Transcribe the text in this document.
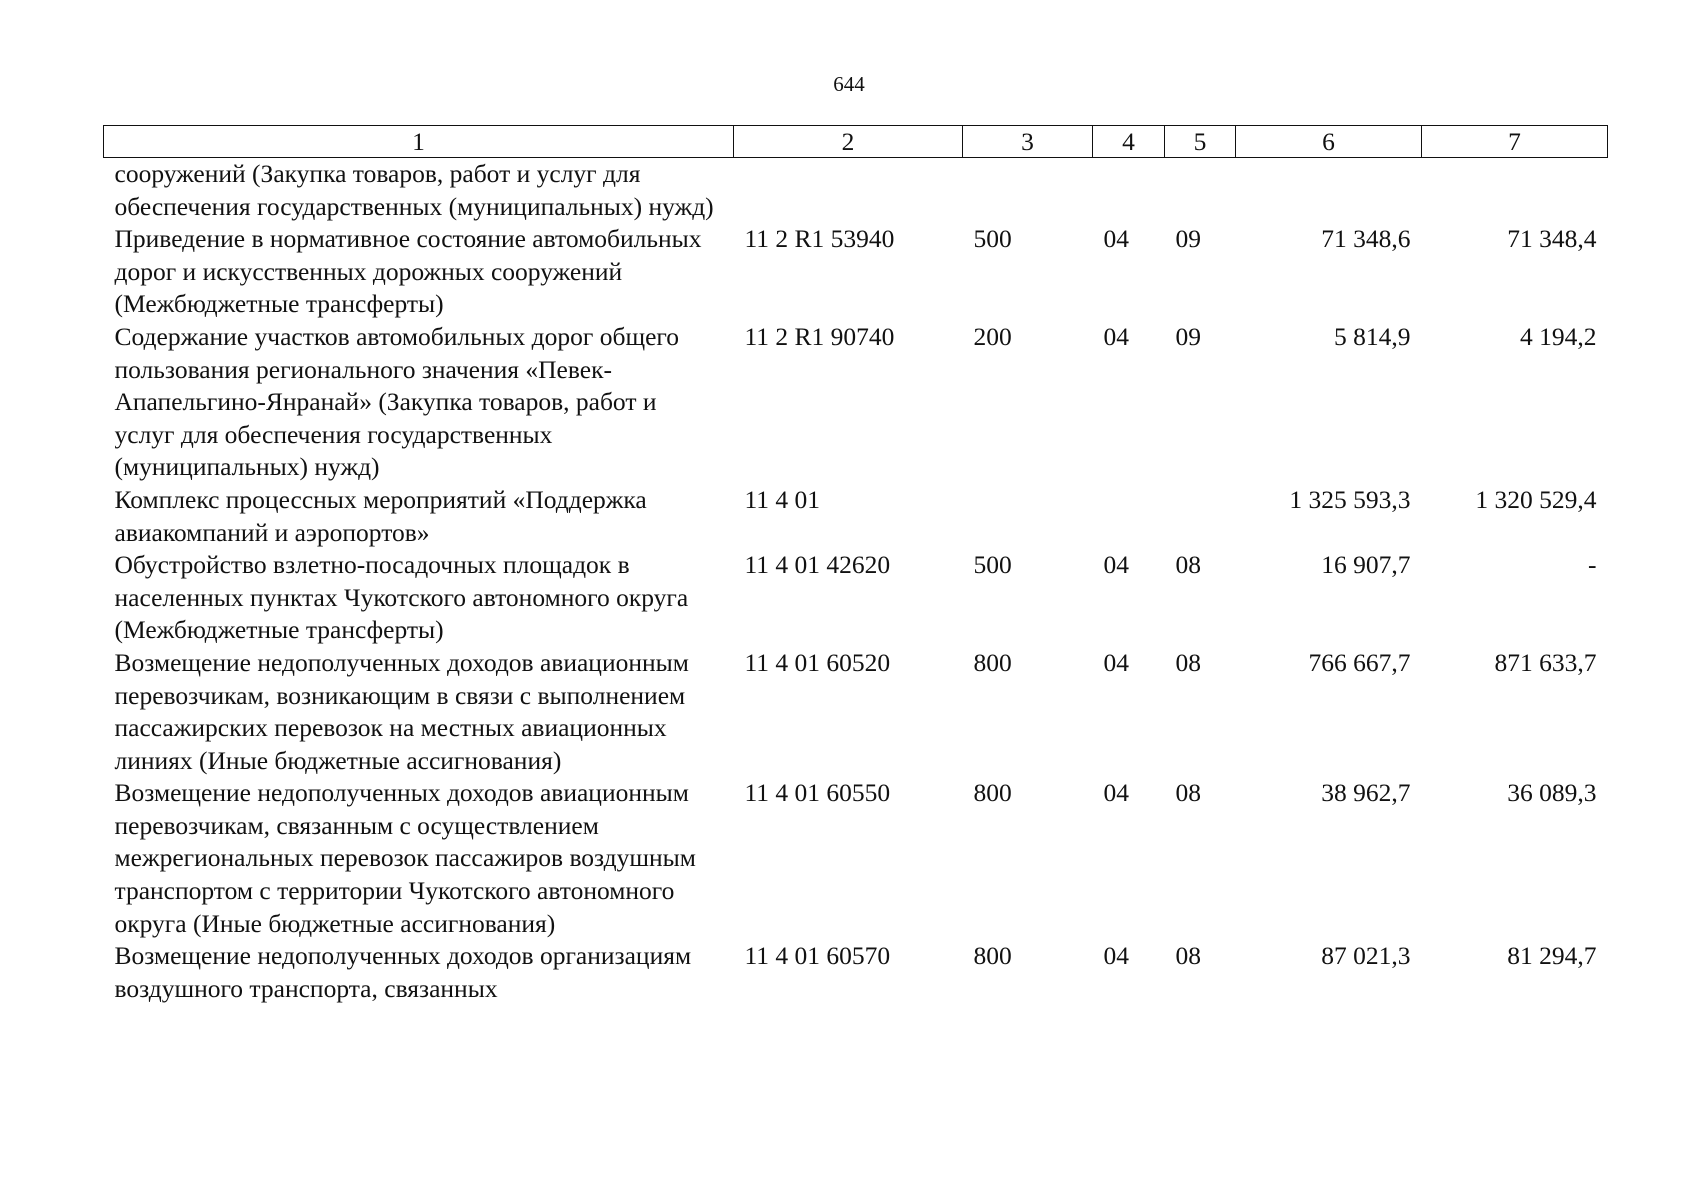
644
1	2	3	4	5	6	7
сооружений (Закупка товаров, работ и услуг для обеспечения государственных (муниципальных) нужд)						
Приведение в нормативное состояние автомобильных дорог и искусственных дорожных сооружений (Межбюджетные трансферты)	11 2 R1 53940	500	04	09	71 348,6	71 348,4
Содержание участков автомобильных дорог общего пользования регионального значения «Певек-Апапельгино-Янранай» (Закупка товаров, работ и услуг для обеспечения государственных (муниципальных) нужд)	11 2 R1 90740	200	04	09	5 814,9	4 194,2
Комплекс процессных мероприятий «Поддержка авиакомпаний и аэропортов»	11 4 01				1 325 593,3	1 320 529,4
Обустройство взлетно-посадочных площадок в населенных пунктах Чукотского автономного округа (Межбюджетные трансферты)	11 4 01 42620	500	04	08	16 907,7	-
Возмещение недополученных доходов авиационным перевозчикам, возникающим в связи с выполнением пассажирских перевозок на местных авиационных линиях (Иные бюджетные ассигнования)	11 4 01 60520	800	04	08	766 667,7	871 633,7
Возмещение недополученных доходов авиационным перевозчикам, связанным с осуществлением межрегиональных перевозок пассажиров воздушным транспортом с территории Чукотского автономного округа (Иные бюджетные ассигнования)	11 4 01 60550	800	04	08	38 962,7	36 089,3
Возмещение недополученных доходов организациям воздушного транспорта, связанных	11 4 01 60570	800	04	08	87 021,3	81 294,7
